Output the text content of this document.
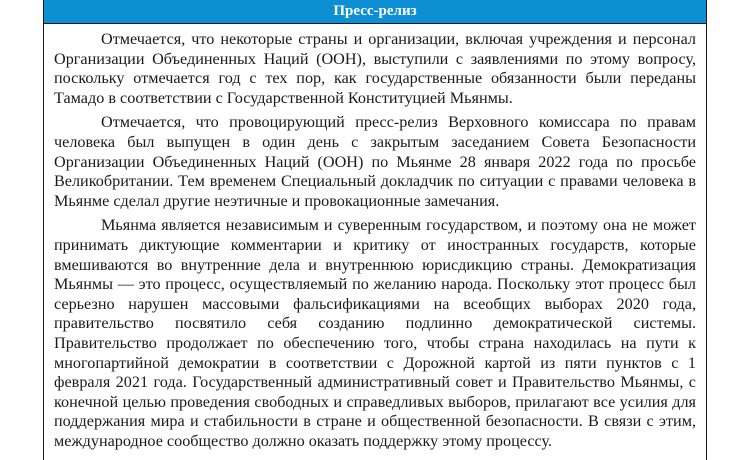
Пресс-релиз

Отмечается, что некоторые страны и организации, включая учреждения и персонал Организации Объединенных Наций (ООН), выступили с заявлениями по этому вопросу, поскольку отмечается год с тех пор, как государственные обязанности были переданы Тамадо в соответствии с Государственной Конституцией Мьянмы.

Отмечается, что провоцирующий пресс-релиз Верховного комиссара по правам человека был выпущен в один день с закрытым заседанием Совета Безопасности Организации Объединенных Наций (ООН) по Мьянме 28 января 2022 года по просьбе Великобритании. Тем временем Специальный докладчик по ситуации с правами человека в Мьянме сделал другие неэтичные и провокационные замечания.

Мьянма является независимым и суверенным государством, и поэтому она не может принимать диктующие комментарии и критику от иностранных государств, которые вмешиваются во внутренние дела и внутреннюю юрисдикцию страны. Демократизация Мьянмы — это процесс, осуществляемый по желанию народа. Поскольку этот процесс был серьезно нарушен массовыми фальсификациями на всеобщих выборах 2020 года, правительство посвятило себя созданию подлинно демократической системы. Правительство продолжает по обеспечению того, чтобы страна находилась на пути к многопартийной демократии в соответствии с Дорожной картой из пяти пунктов с 1 февраля 2021 года. Государственный административный совет и Правительство Мьянмы, с конечной целью проведения свободных и справедливых выборов, прилагают все усилия для поддержания мира и стабильности в стране и общественной безопасности. В связи с этим, международное сообщество должно оказать поддержку этому процессу.
